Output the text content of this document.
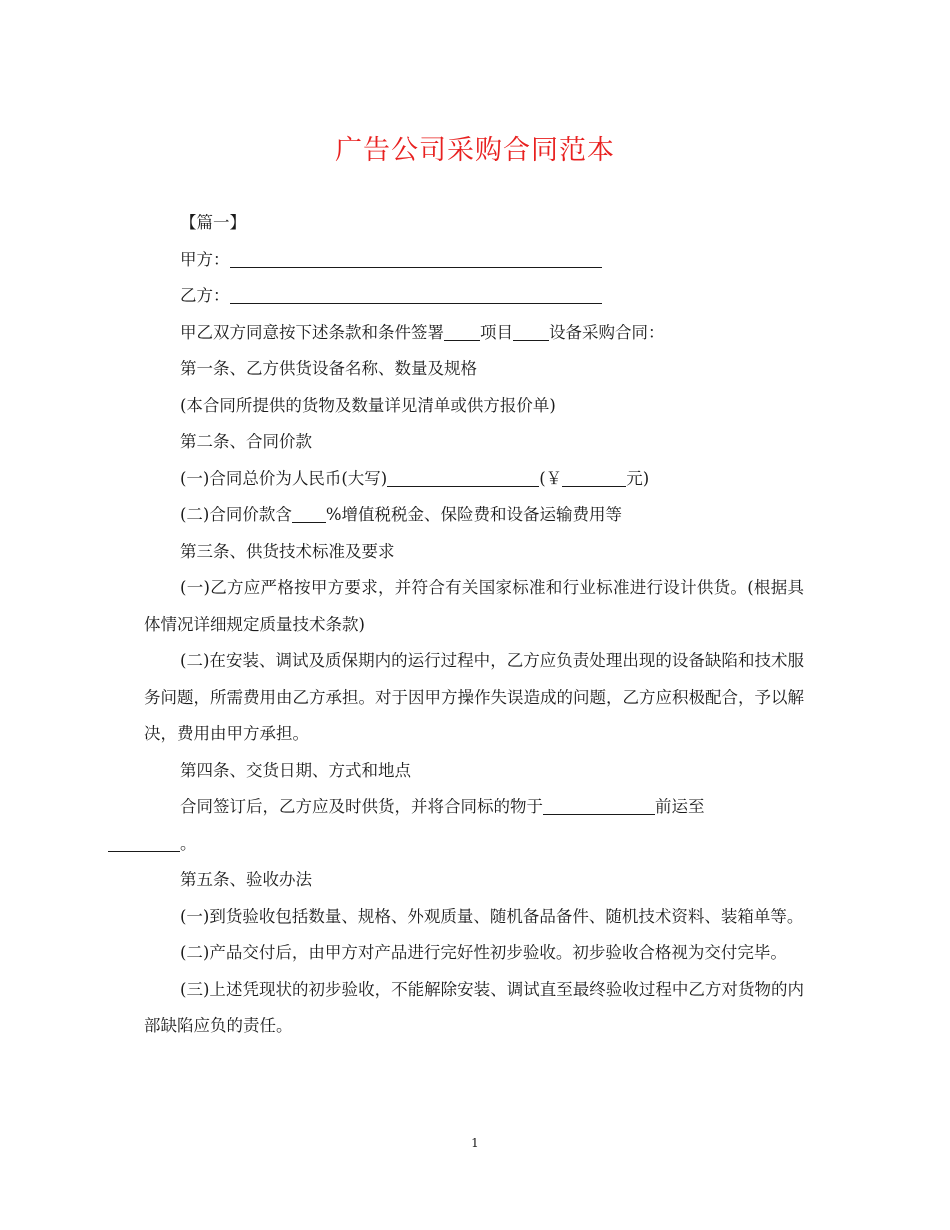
广告公司采购合同范本

【篇一】

甲方：

乙方：

甲乙双方同意按下述条款和条件签署 项目 设备采购合同：

第一条、乙方供货设备名称、数量及规格

(本合同所提供的货物及数量详见清单或供方报价单)

第二条、合同价款

(一)合同总价为人民币(大写)	(￥	元)

(二)合同价款含 %增值税税金、保险费和设备运输费用等

第三条、供货技术标准及要求

(一)乙方应严格按甲方要求，并符合有关国家标准和行业标准进行设计供货。(根据具体情况详细规定质量技术条款)

(二)在安装、调试及质保期内的运行过程中，乙方应负责处理出现的设备缺陷和技术服务问题，所需费用由乙方承担。对于因甲方操作失误造成的问题，乙方应积极配合，予以解决，费用由甲方承担。

第四条、交货日期、方式和地点

合同签订后，乙方应及时供货，并将合同标的物于	前运至
。

第五条、验收办法

(一)到货验收包括数量、规格、外观质量、随机备品备件、随机技术资料、装箱单等。

(二)产品交付后，由甲方对产品进行完好性初步验收。初步验收合格视为交付完毕。

(三)上述凭现状的初步验收，不能解除安装、调试直至最终验收过程中乙方对货物的内部缺陷应负的责任。

1
